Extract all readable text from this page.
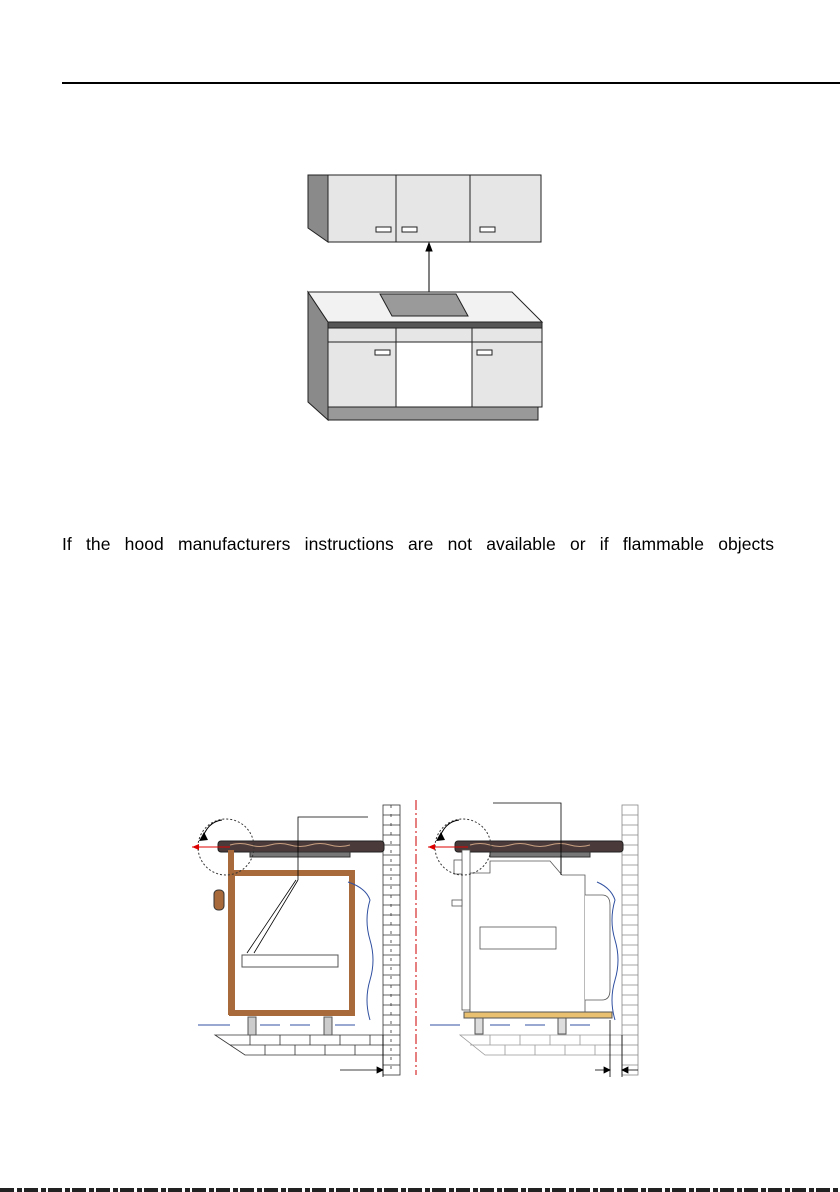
If the hood manufacturers instructions are not available or if flammable objects
